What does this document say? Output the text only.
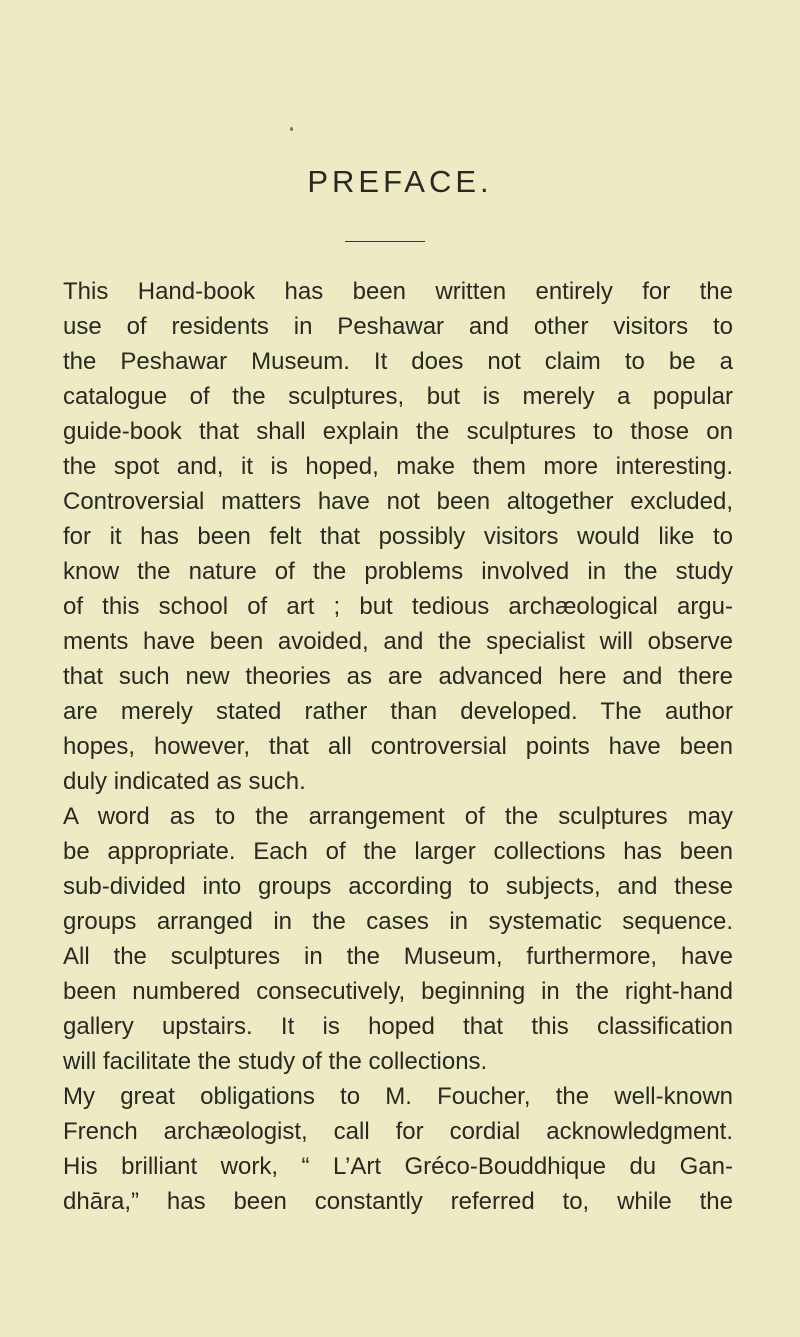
PREFACE.
This Hand-book has been written entirely for the
use of residents in Peshawar and other visitors to
the Peshawar Museum. It does not claim to be a
catalogue of the sculptures, but is merely a popular
guide-book that shall explain the sculptures to those on
the spot and, it is hoped, make them more interesting.
Controversial matters have not been altogether excluded,
for it has been felt that possibly visitors would like to
know the nature of the problems involved in the study
of this school of art ; but tedious archæological argu-
ments have been avoided, and the specialist will observe
that such new theories as are advanced here and there
are merely stated rather than developed. The author
hopes, however, that all controversial points have been
duly indicated as such.
A word as to the arrangement of the sculptures may
be appropriate. Each of the larger collections has been
sub-divided into groups according to subjects, and these
groups arranged in the cases in systematic sequence.
All the sculptures in the Museum, furthermore, have
been numbered consecutively, beginning in the right-hand
gallery upstairs. It is hoped that this classification
will facilitate the study of the collections.
My great obligations to M. Foucher, the well-known
French archæologist, call for cordial acknowledgment.
His brilliant work, “ L’Art Gréco-Bouddhique du Gan-
dhāra,” has been constantly referred to, while the
